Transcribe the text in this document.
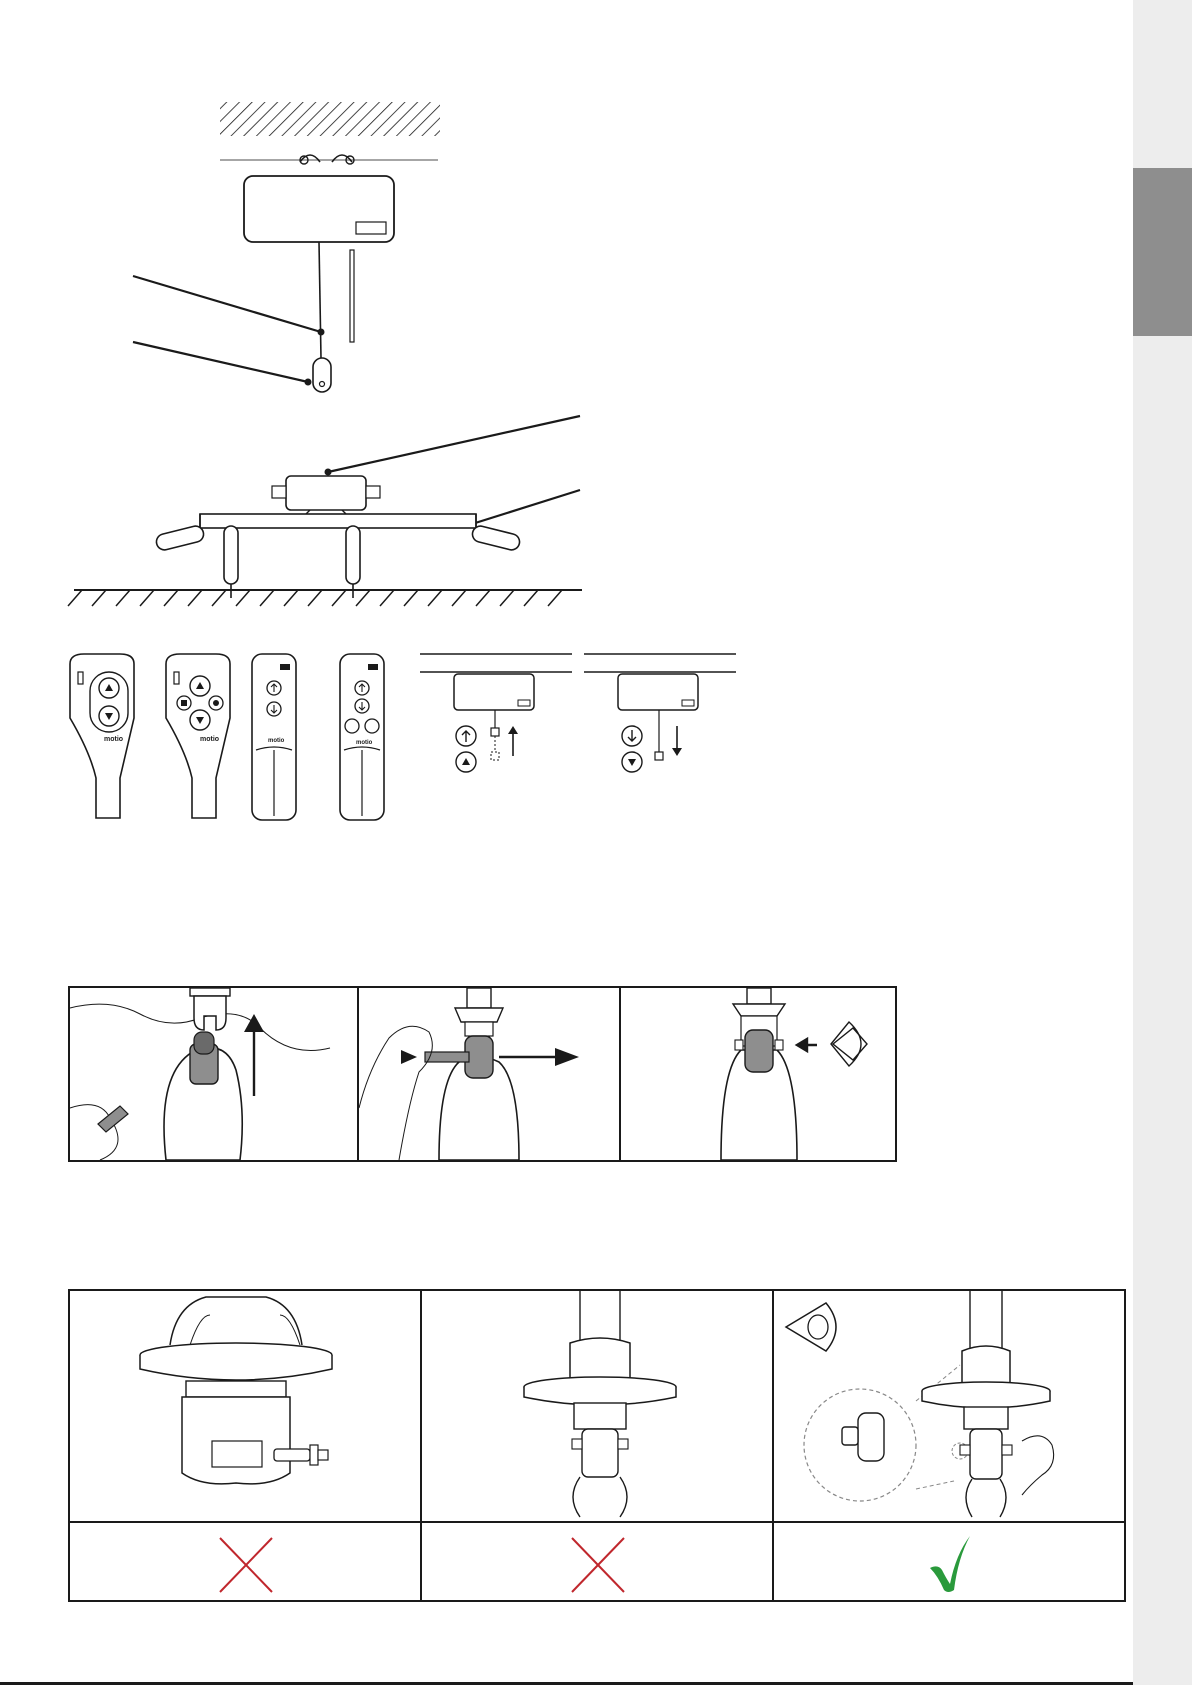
motio	motio	motio	motio
